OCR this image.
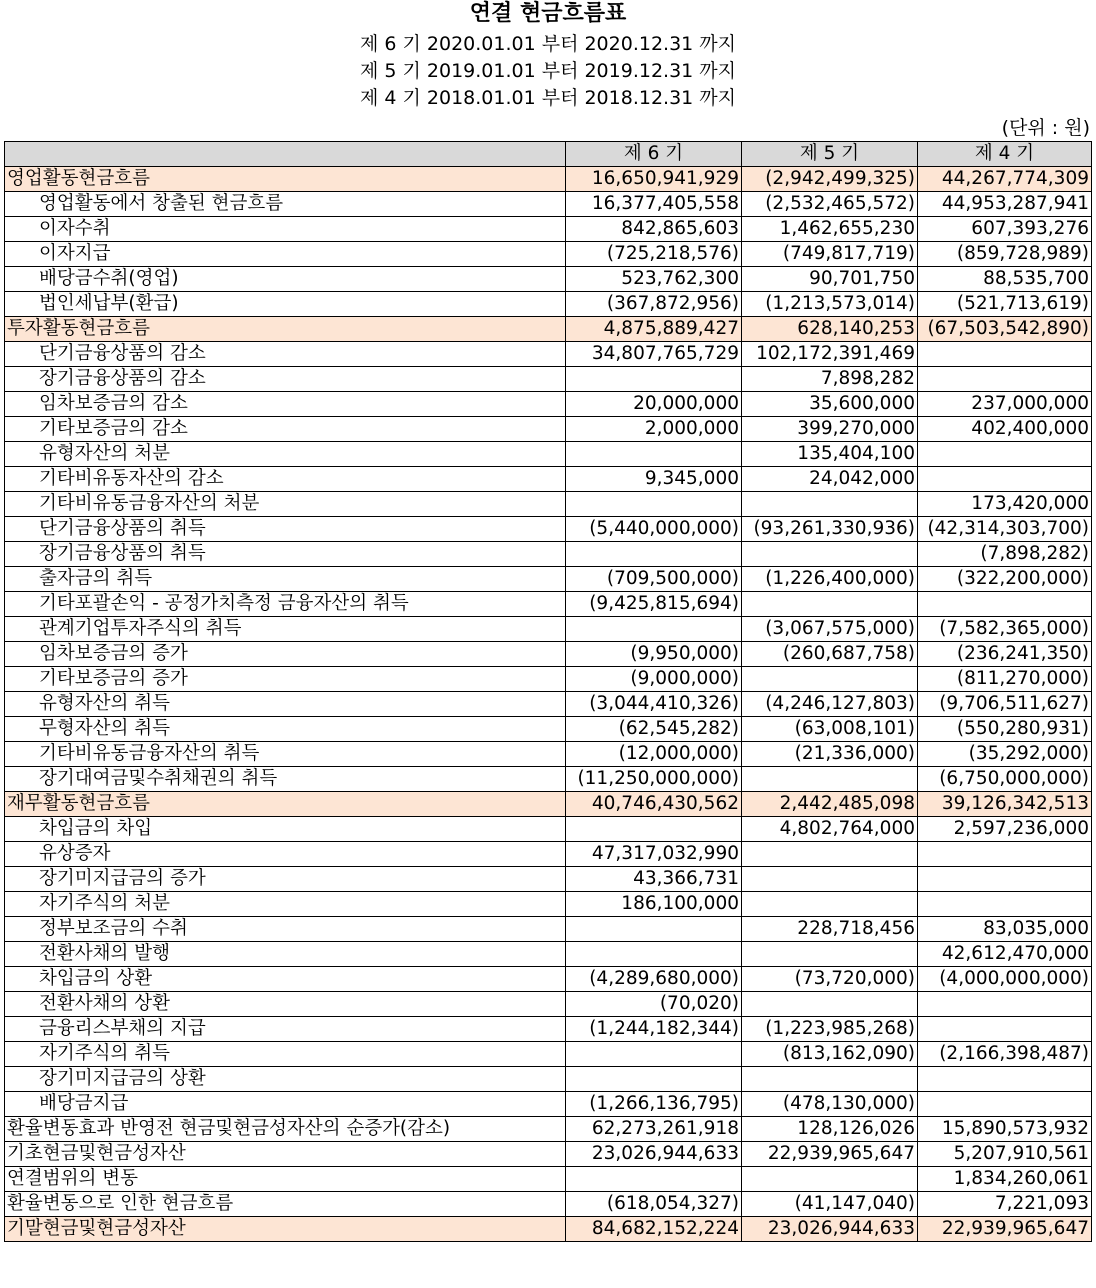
연결 현금흐름표
제 6 기 2020.01.01 부터 2020.12.31 까지
제 5 기 2019.01.01 부터 2019.12.31 까지
제 4 기 2018.01.01 부터 2018.12.31 까지
(단위 : 원)
	제 6 기	제 5 기	제 4 기
영업활동현금흐름	16,650,941,929	(2,942,499,325)	44,267,774,309
영업활동에서 창출된 현금흐름	16,377,405,558	(2,532,465,572)	44,953,287,941
이자수취	842,865,603	1,462,655,230	607,393,276
이자지급	(725,218,576)	(749,817,719)	(859,728,989)
배당금수취(영업)	523,762,300	90,701,750	88,535,700
법인세납부(환급)	(367,872,956)	(1,213,573,014)	(521,713,619)
투자활동현금흐름	4,875,889,427	628,140,253	(67,503,542,890)
단기금융상품의 감소	34,807,765,729	102,172,391,469	
장기금융상품의 감소		7,898,282	
임차보증금의 감소	20,000,000	35,600,000	237,000,000
기타보증금의 감소	2,000,000	399,270,000	402,400,000
유형자산의 처분		135,404,100	
기타비유동자산의 감소	9,345,000	24,042,000	
기타비유동금융자산의 처분			173,420,000
단기금융상품의 취득	(5,440,000,000)	(93,261,330,936)	(42,314,303,700)
장기금융상품의 취득			(7,898,282)
출자금의 취득	(709,500,000)	(1,226,400,000)	(322,200,000)
기타포괄손익 - 공정가치측정 금융자산의 취득	(9,425,815,694)		
관계기업투자주식의 취득		(3,067,575,000)	(7,582,365,000)
임차보증금의 증가	(9,950,000)	(260,687,758)	(236,241,350)
기타보증금의 증가	(9,000,000)		(811,270,000)
유형자산의 취득	(3,044,410,326)	(4,246,127,803)	(9,706,511,627)
무형자산의 취득	(62,545,282)	(63,008,101)	(550,280,931)
기타비유동금융자산의 취득	(12,000,000)	(21,336,000)	(35,292,000)
장기대여금및수취채권의 취득	(11,250,000,000)		(6,750,000,000)
재무활동현금흐름	40,746,430,562	2,442,485,098	39,126,342,513
차입금의 차입		4,802,764,000	2,597,236,000
유상증자	47,317,032,990		
장기미지급금의 증가	43,366,731		
자기주식의 처분	186,100,000		
정부보조금의 수취		228,718,456	83,035,000
전환사채의 발행			42,612,470,000
차입금의 상환	(4,289,680,000)	(73,720,000)	(4,000,000,000)
전환사채의 상환	(70,020)		
금융리스부채의 지급	(1,244,182,344)	(1,223,985,268)	
자기주식의 취득		(813,162,090)	(2,166,398,487)
장기미지급금의 상환			
배당금지급	(1,266,136,795)	(478,130,000)	
환율변동효과 반영전 현금및현금성자산의 순증가(감소)	62,273,261,918	128,126,026	15,890,573,932
기초현금및현금성자산	23,026,944,633	22,939,965,647	5,207,910,561
연결범위의 변동			1,834,260,061
환율변동으로 인한 현금흐름	(618,054,327)	(41,147,040)	7,221,093
기말현금및현금성자산	84,682,152,224	23,026,944,633	22,939,965,647
